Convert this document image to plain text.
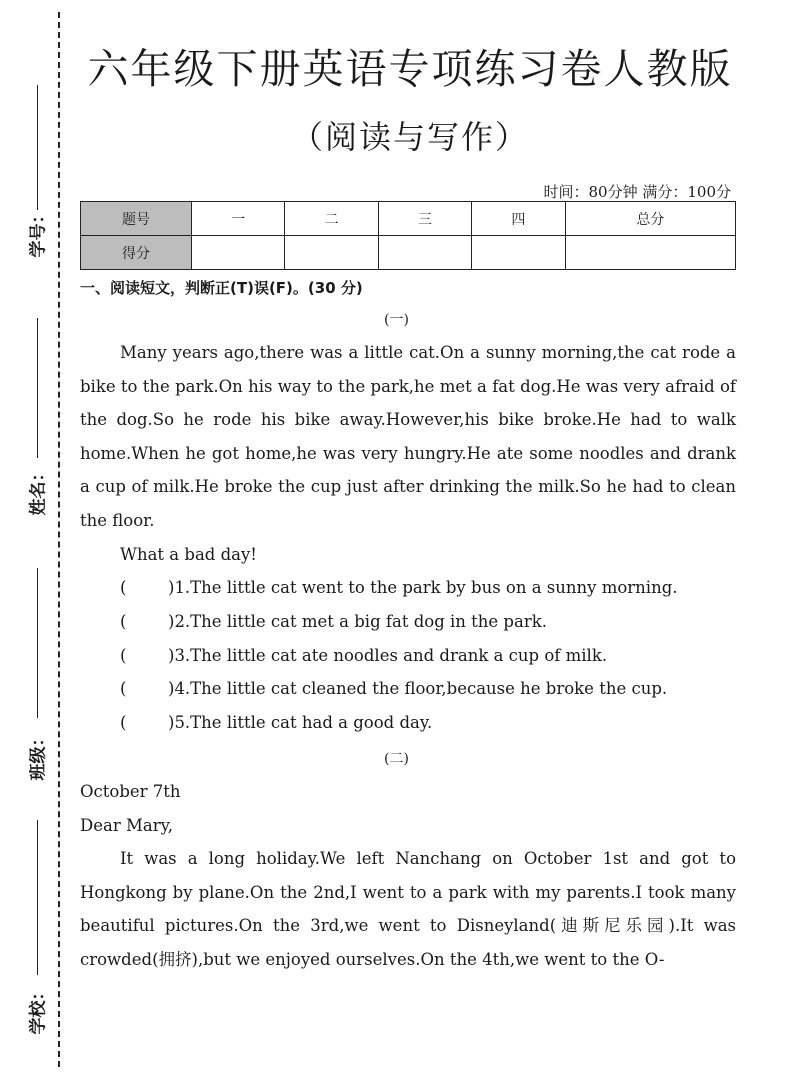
学号：
姓名：
班级：
学校：
六年级下册英语专项练习卷人教版
（阅读与写作）
时间：80分钟 满分：100分
题号	一	二	三	四	总分
得分					
一、阅读短文，判断正(T)误(F)。(30 分)
(一)

Many years ago,there was a little cat.On a sunny morning,the cat rode a bike to the park.On his way to the park,he met a fat dog.He was very afraid of the dog.So he rode his bike away.However,his bike broke.He had to walk home.When he got home,he was very hungry.He ate some noodles and drank a cup of milk.He broke the cup just after drinking the milk.So he had to clean the floor.

What a bad day!

(	)1.The little cat went to the park by bus on a sunny morning.
(	)2.The little cat met a big fat dog in the park.
(	)3.The little cat ate noodles and drank a cup of milk.
(	)4.The little cat cleaned the floor,because he broke the cup.
(	)5.The little cat had a good day.
(二)

October 7th

Dear Mary,

It was a long holiday.We left Nanchang on October 1st and got to Hongkong by plane.On the 2nd,I went to a park with my parents.I took many beautiful pictures.On the 3rd,we went to Disneyland(迪斯尼乐园).It was crowded(拥挤),but we enjoyed ourselves.On the 4th,we went to the O-
